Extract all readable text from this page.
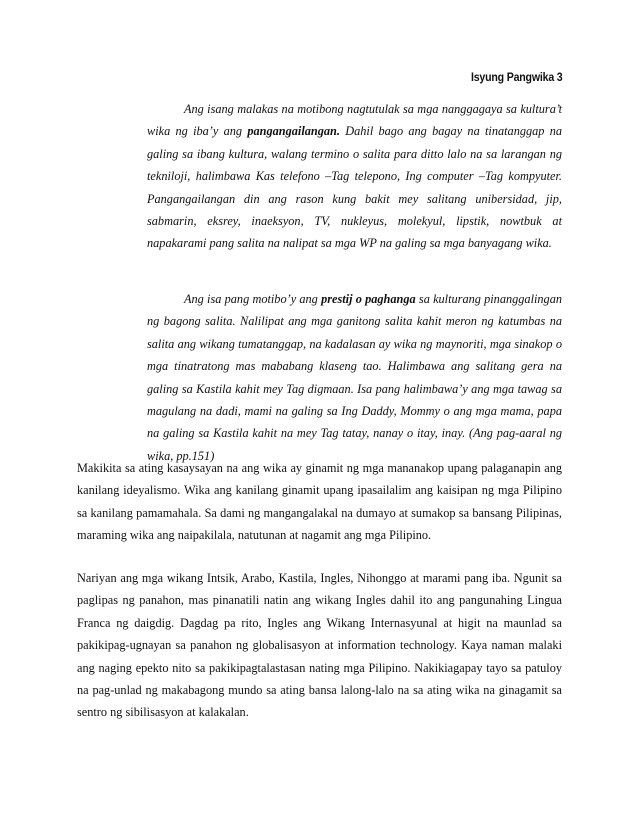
Isyung Pangwika 3

Ang isang malakas na motibong nagtutulak sa mga nanggagaya sa kultura’t wika ng iba’y ang pangangailangan. Dahil bago ang bagay na tinatanggap na galing sa ibang kultura, walang termino o salita para ditto lalo na sa larangan ng tekniloji, halimbawa Kas telefono –Tag telepono, Ing computer –Tag kompyuter. Pangangailangan din ang rason kung bakit mey salitang unibersidad, jip, sabmarin, eksrey, inaeksyon, TV, nukleyus, molekyul, lipstik, nowtbuk at napakarami pang salita na nalipat sa mga WP na galing sa mga banyagang wika.

Ang isa pang motibo’y ang prestij o paghanga sa kulturang pinanggalingan ng bagong salita. Nalilipat ang mga ganitong salita kahit meron ng katumbas na salita ang wikang tumatanggap, na kadalasan ay wika ng maynoriti, mga sinakop o mga tinatratong mas mababang klaseng tao. Halimbawa ang salitang gera na galing sa Kastila kahit mey Tag digmaan. Isa pang halimbawa’y ang mga tawag sa magulang na dadi, mami na galing sa Ing Daddy, Mommy o ang mga mama, papa na galing sa Kastila kahit na mey Tag tatay, nanay o itay, inay. (Ang pag-aaral ng wika, pp.151)

Makikita sa ating kasaysayan na ang wika ay ginamit ng mga mananakop upang palaganapin ang kanilang ideyalismo. Wika ang kanilang ginamit upang ipasailalim ang kaisipan ng mga Pilipino sa kanilang pamamahala. Sa dami ng mangangalakal na dumayo at sumakop sa bansang Pilipinas, maraming wika ang naipakilala, natutunan at nagamit ang mga Pilipino.

Nariyan ang mga wikang Intsik, Arabo, Kastila, Ingles, Nihonggo at marami pang iba. Ngunit sa paglipas ng panahon, mas pinanatili natin ang wikang Ingles dahil ito ang pangunahing Lingua Franca ng daigdig. Dagdag pa rito, Ingles ang Wikang Internasyunal at higit na maunlad sa pakikipag-ugnayan sa panahon ng globalisasyon at information technology. Kaya naman malaki ang naging epekto nito sa pakikipagtalastasan nating mga Pilipino. Nakikiagapay tayo sa patuloy na pag-unlad ng makabagong mundo sa ating bansa lalong-lalo na sa ating wika na ginagamit sa sentro ng sibilisasyon at kalakalan.
